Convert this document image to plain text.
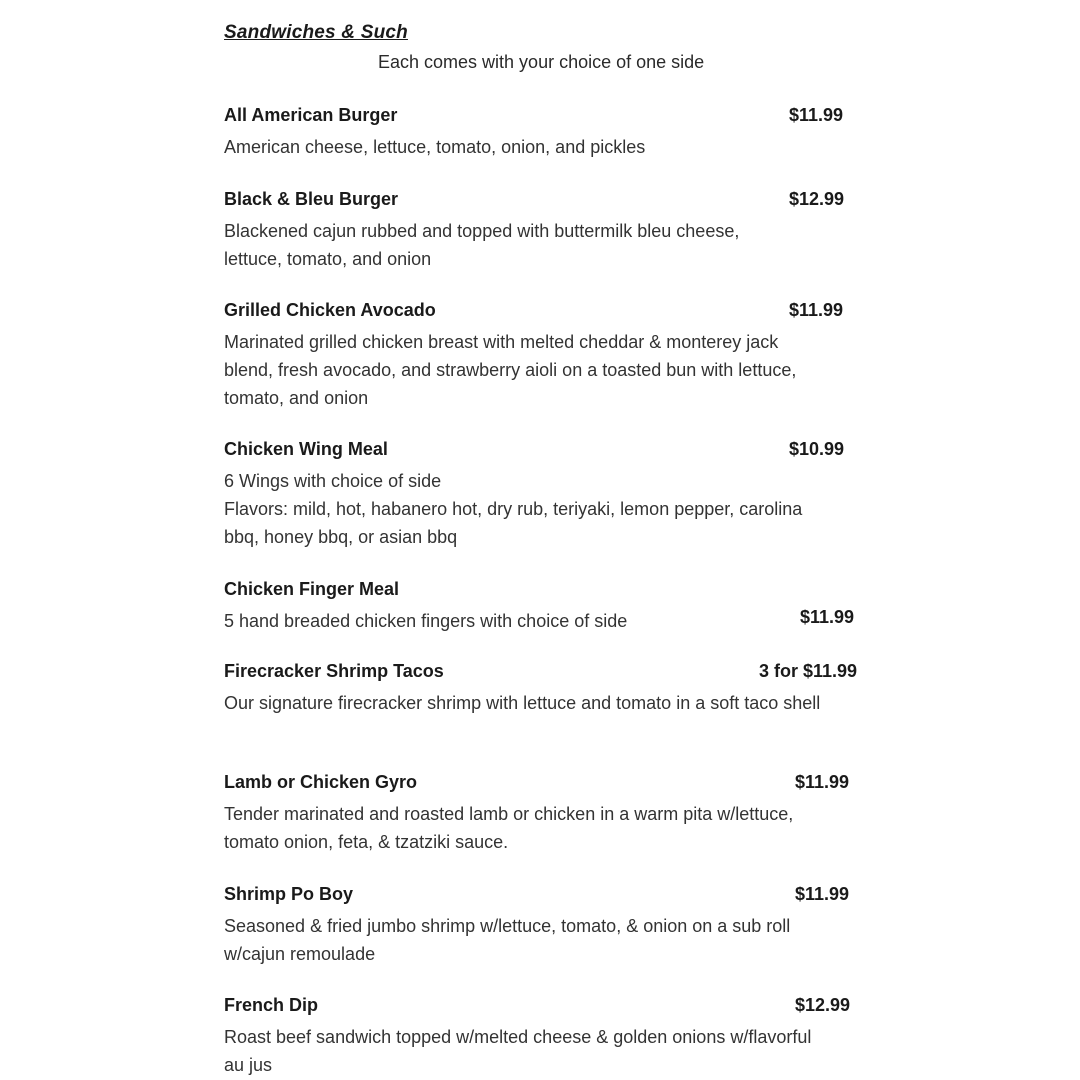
Sandwiches & Such

Each comes with your choice of one side

All American Burger	$11.99

American cheese, lettuce, tomato, onion, and pickles

Black & Bleu Burger	$12.99

Blackened cajun rubbed and topped with buttermilk bleu cheese,
lettuce, tomato, and onion

Grilled Chicken Avocado	$11.99

Marinated grilled chicken breast with melted cheddar & monterey jack
blend, fresh avocado, and strawberry aioli on a toasted bun with lettuce,
tomato, and onion

Chicken Wing Meal	$10.99

6 Wings with choice of side
Flavors: mild, hot, habanero hot, dry rub, teriyaki, lemon pepper, carolina
bbq, honey bbq, or asian bbq

Chicken Finger Meal
5 hand breaded chicken fingers with choice of side	$11.99
Firecracker Shrimp Tacos	3 for $11.99

Our signature firecracker shrimp with lettuce and tomato in a soft taco shell

Lamb or Chicken Gyro	$11.99

Tender marinated and roasted lamb or chicken in a warm pita w/lettuce,
tomato onion, feta, & tzatziki sauce.

Shrimp Po Boy	$11.99

Seasoned & fried jumbo shrimp w/lettuce, tomato, & onion on a sub roll
w/cajun remoulade

French Dip	$12.99

Roast beef sandwich topped w/melted cheese & golden onions w/flavorful
au jus
